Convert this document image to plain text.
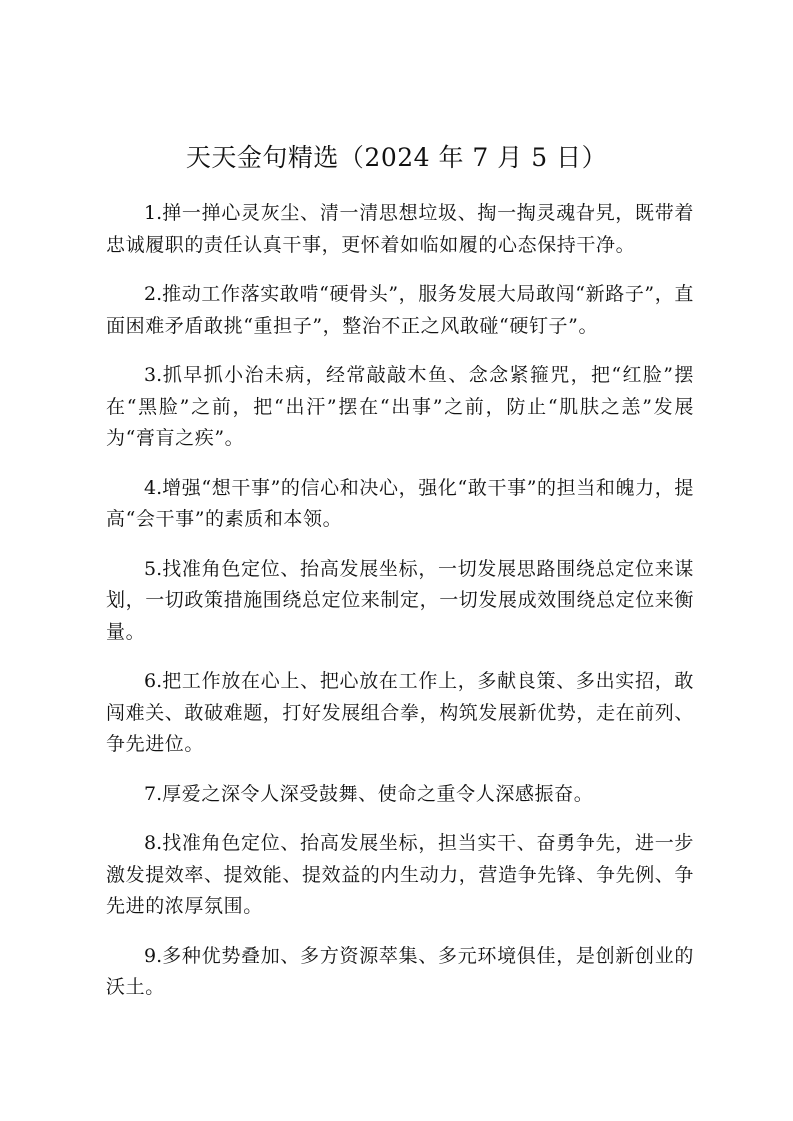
天天金句精选（2024 年 7 月 5 日）

1.掸一掸心灵灰尘、清一清思想垃圾、掏一掏灵魂旮旯，既带着忠诚履职的责任认真干事，更怀着如临如履的心态保持干净。

2.推动工作落实敢啃“硬骨头”，服务发展大局敢闯“新路子”，直面困难矛盾敢挑“重担子”，整治不正之风敢碰“硬钉子”。

3.抓早抓小治未病，经常敲敲木鱼、念念紧箍咒，把“红脸”摆在“黑脸”之前，把“出汗”摆在“出事”之前，防止“肌肤之恙”发展为“膏肓之疾”。

4.增强“想干事”的信心和决心，强化“敢干事”的担当和魄力，提高“会干事”的素质和本领。

5.找准角色定位、抬高发展坐标，一切发展思路围绕总定位来谋划，一切政策措施围绕总定位来制定，一切发展成效围绕总定位来衡量。

6.把工作放在心上、把心放在工作上，多献良策、多出实招，敢闯难关、敢破难题，打好发展组合拳，构筑发展新优势，走在前列、争先进位。

7.厚爱之深令人深受鼓舞、使命之重令人深感振奋。

8.找准角色定位、抬高发展坐标，担当实干、奋勇争先，进一步激发提效率、提效能、提效益的内生动力，营造争先锋、争先例、争先进的浓厚氛围。

9.多种优势叠加、多方资源萃集、多元环境俱佳，是创新创业的沃土。
